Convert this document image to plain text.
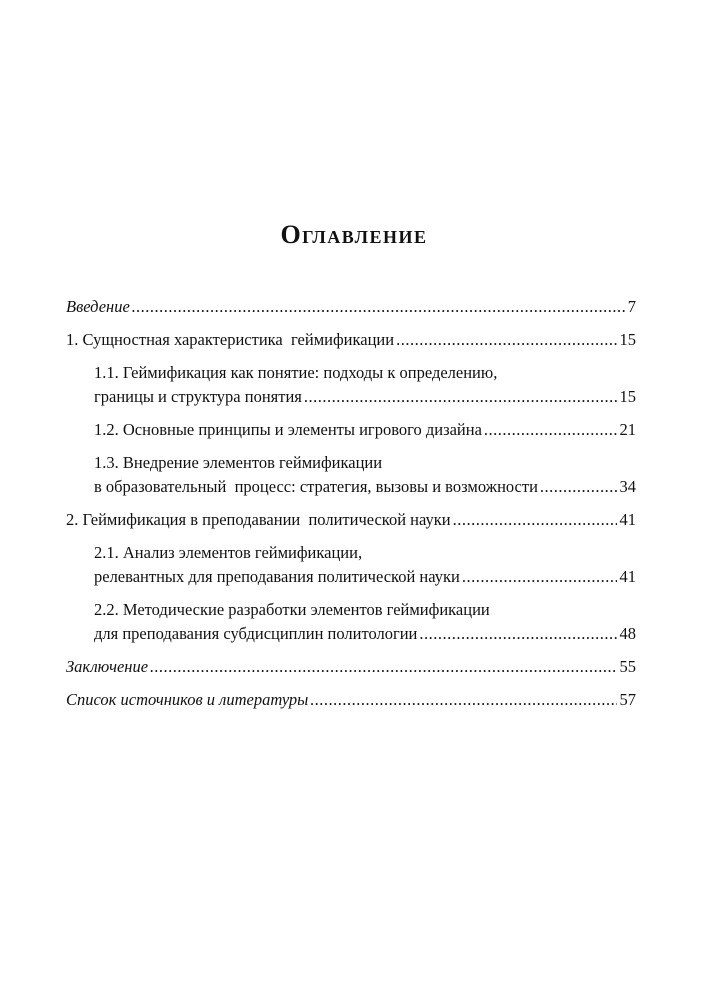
Оглавление
Введение .....	7
1. Сущностная характеристика  геймификации .....	15
1.1. Геймификация как понятие: подходы к определению,
границы и структура понятия .....	15
1.2. Основные принципы и элементы игрового дизайна .....	21
1.3. Внедрение элементов геймификации
в образовательный  процесс: стратегия, вызовы и возможности .....	34
2. Геймификация в преподавании  политической науки .....	41
2.1. Анализ элементов геймификации,
релевантных для преподавания политической науки .....	41
2.2. Методические разработки элементов геймификации
для преподавания субдисциплин политологии .....	48
Заключение .....	55
Список источников и литературы .....	57
